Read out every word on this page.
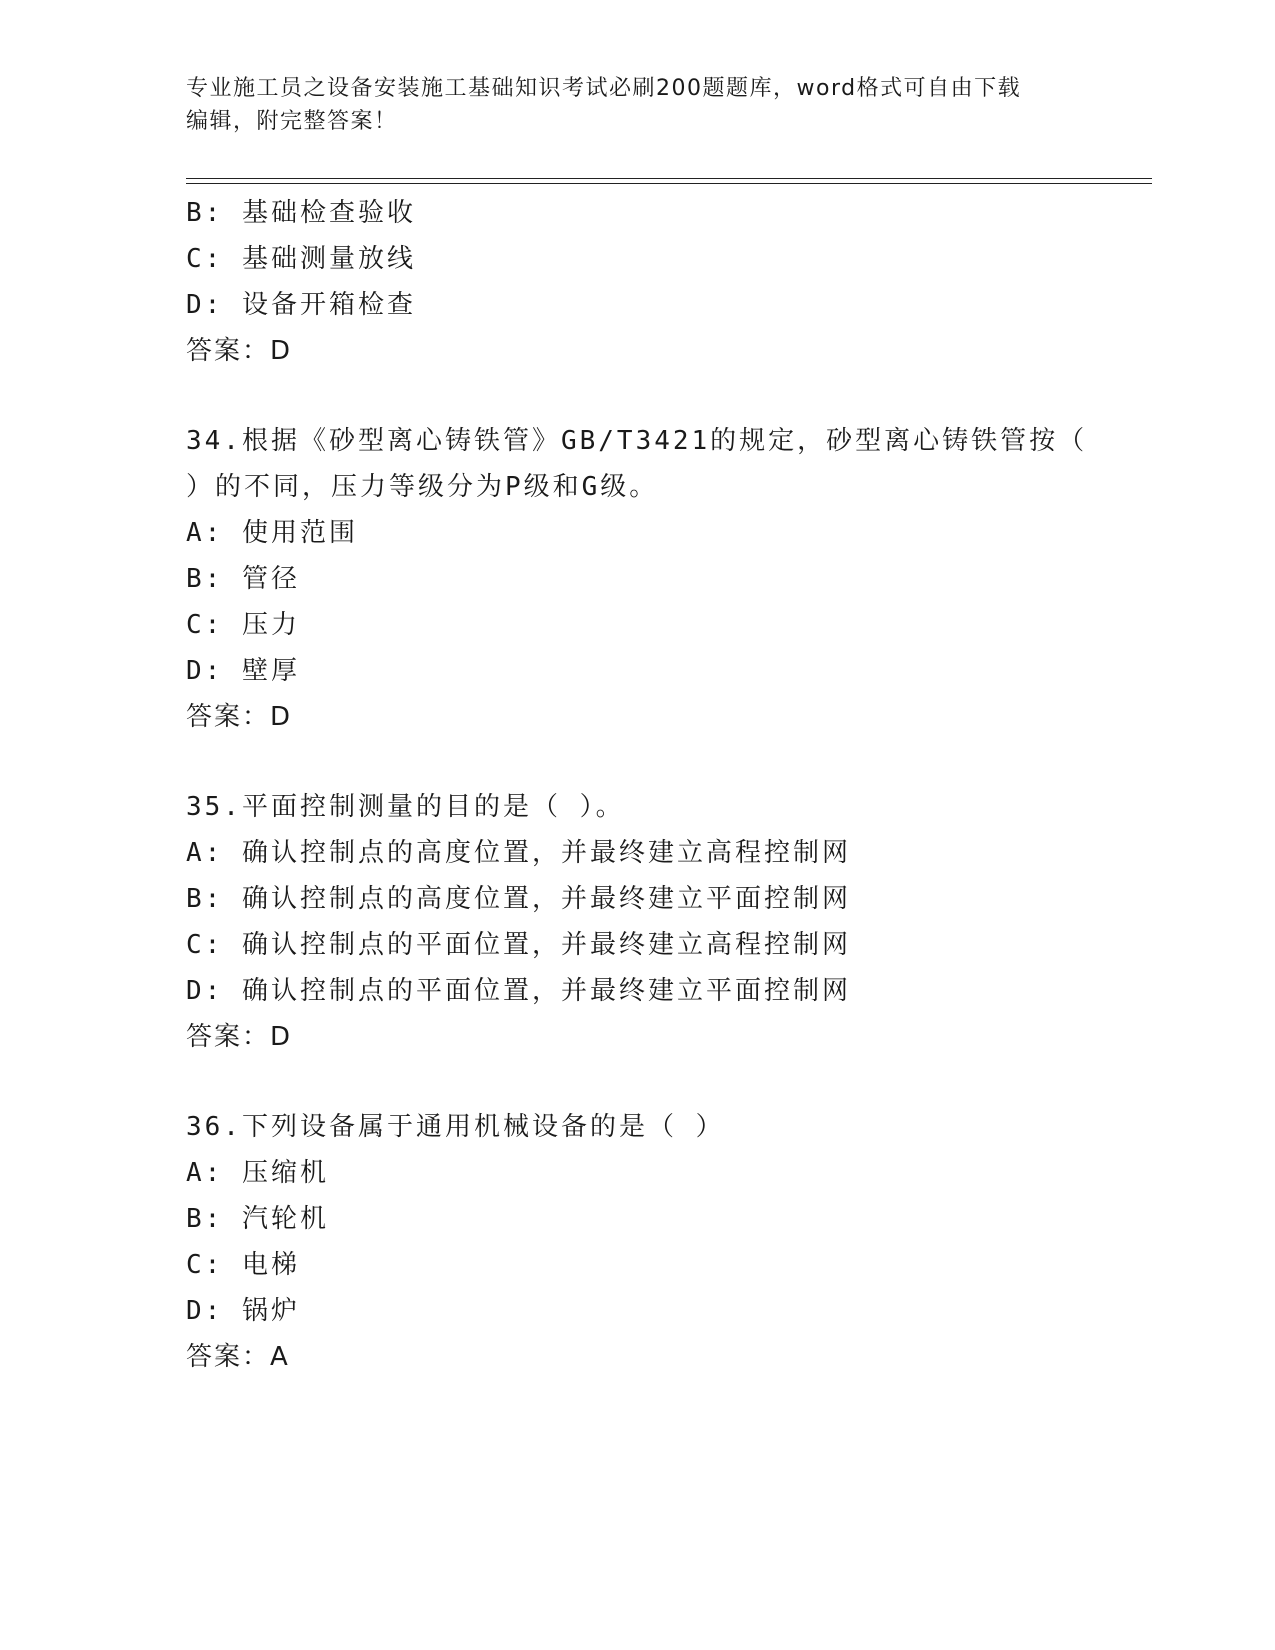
专业施工员之设备安装施工基础知识考试必刷200题题库，word格式可自由下载
编辑，附完整答案！
B: 基础检查验收
C: 基础测量放线
D: 设备开箱检查
答案：D
34.根据《砂型离心铸铁管》GB/T3421的规定，砂型离心铸铁管按（
）的不同，压力等级分为P级和G级。
A: 使用范围
B: 管径
C: 压力
D: 壁厚
答案：D
35.平面控制测量的目的是（ ）。
A: 确认控制点的高度位置，并最终建立高程控制网
B: 确认控制点的高度位置，并最终建立平面控制网
C: 确认控制点的平面位置，并最终建立高程控制网
D: 确认控制点的平面位置，并最终建立平面控制网
答案：D
36.下列设备属于通用机械设备的是（ ）
A: 压缩机
B: 汽轮机
C: 电梯
D: 锅炉
答案：A
